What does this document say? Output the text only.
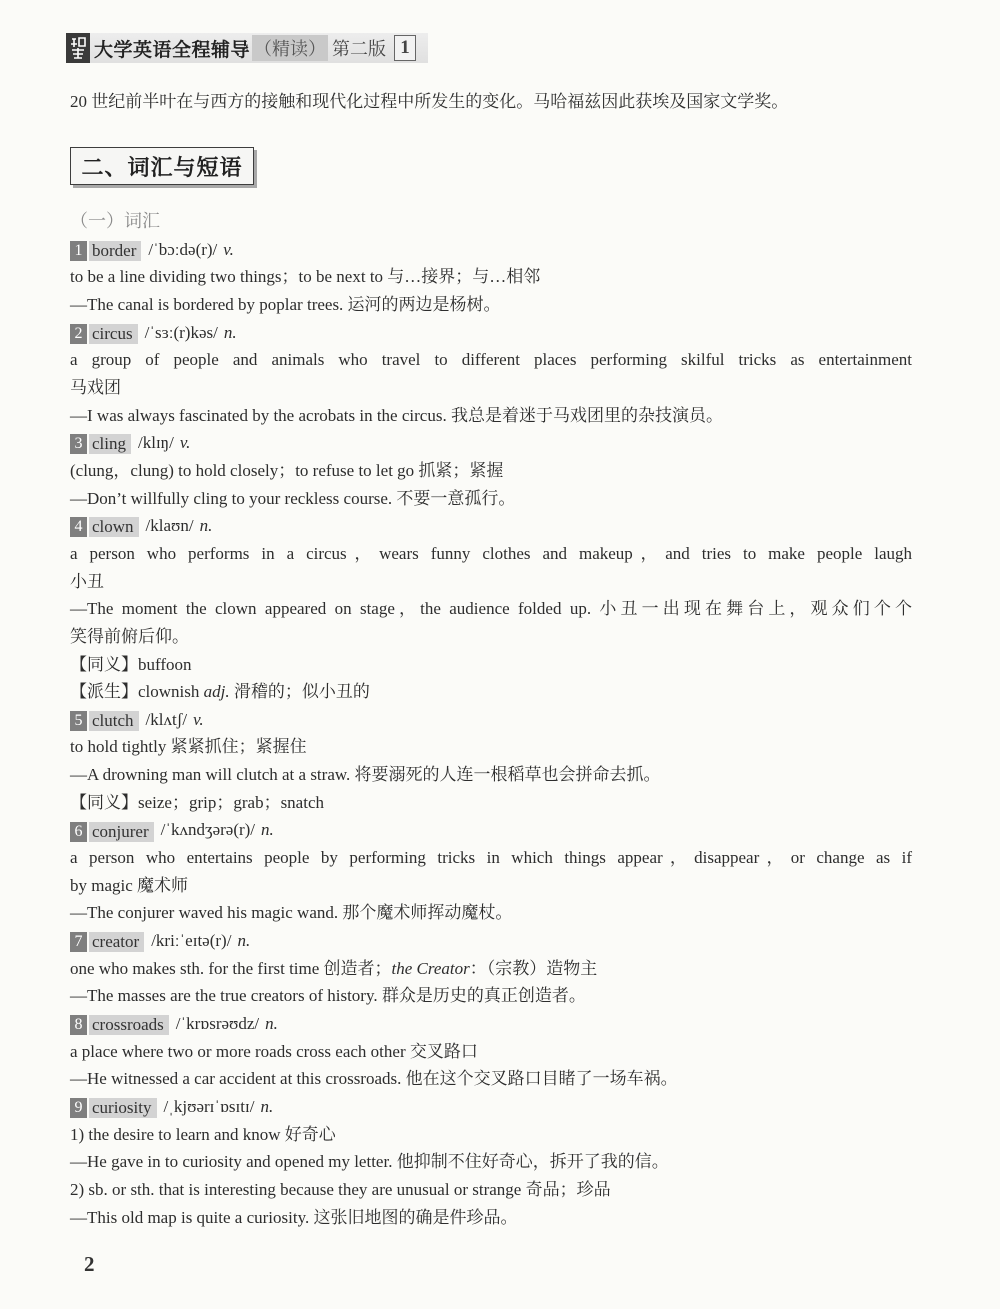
大学英语全程辅导 （精读） 第二版 1
20 世纪前半叶在与西方的接触和现代化过程中所发生的变化。马哈福兹因此获埃及国家文学奖。
二、词汇与短语
（一）词汇
1 border /ˈbɔːdə(r)/ v.
to be a line dividing two things；to be next to 与…接界；与…相邻
—The canal is bordered by poplar trees. 运河的两边是杨树。
2 circus /ˈsɜː(r)kəs/ n.
a group of people and animals who travel to different places performing skilful tricks as entertainment
马戏团
—I was always fascinated by the acrobats in the circus. 我总是着迷于马戏团里的杂技演员。
3 cling /klɪŋ/ v.
(clung，clung) to hold closely；to refuse to let go 抓紧；紧握
—Don’t willfully cling to your reckless course. 不要一意孤行。
4 clown /klaʊn/ n.
a person who performs in a circus，wears funny clothes and makeup，and tries to make people laugh
小丑
—The moment the clown appeared on stage，the audience folded up. 小丑一出现在舞台上，观众们个个
笑得前俯后仰。
【同义】buffoon
【派生】clownish adj. 滑稽的；似小丑的
5 clutch /klʌtʃ/ v.
to hold tightly 紧紧抓住；紧握住
—A drowning man will clutch at a straw. 将要溺死的人连一根稻草也会拼命去抓。
【同义】seize；grip；grab；snatch
6 conjurer /ˈkʌndʒərə(r)/ n.
a person who entertains people by performing tricks in which things appear，disappear，or change as if
by magic 魔术师
—The conjurer waved his magic wand. 那个魔术师挥动魔杖。
7 creator /kriːˈeɪtə(r)/ n.
one who makes sth. for the first time 创造者；the Creator：（宗教）造物主
—The masses are the true creators of history. 群众是历史的真正创造者。
8 crossroads /ˈkrɒsrəʊdz/ n.
a place where two or more roads cross each other 交叉路口
—He witnessed a car accident at this crossroads. 他在这个交叉路口目睹了一场车祸。
9 curiosity /ˌkjʊərɪˈɒsɪtɪ/ n.
1) the desire to learn and know 好奇心
—He gave in to curiosity and opened my letter. 他抑制不住好奇心，拆开了我的信。
2) sb. or sth. that is interesting because they are unusual or strange 奇品；珍品
—This old map is quite a curiosity. 这张旧地图的确是件珍品。
2
